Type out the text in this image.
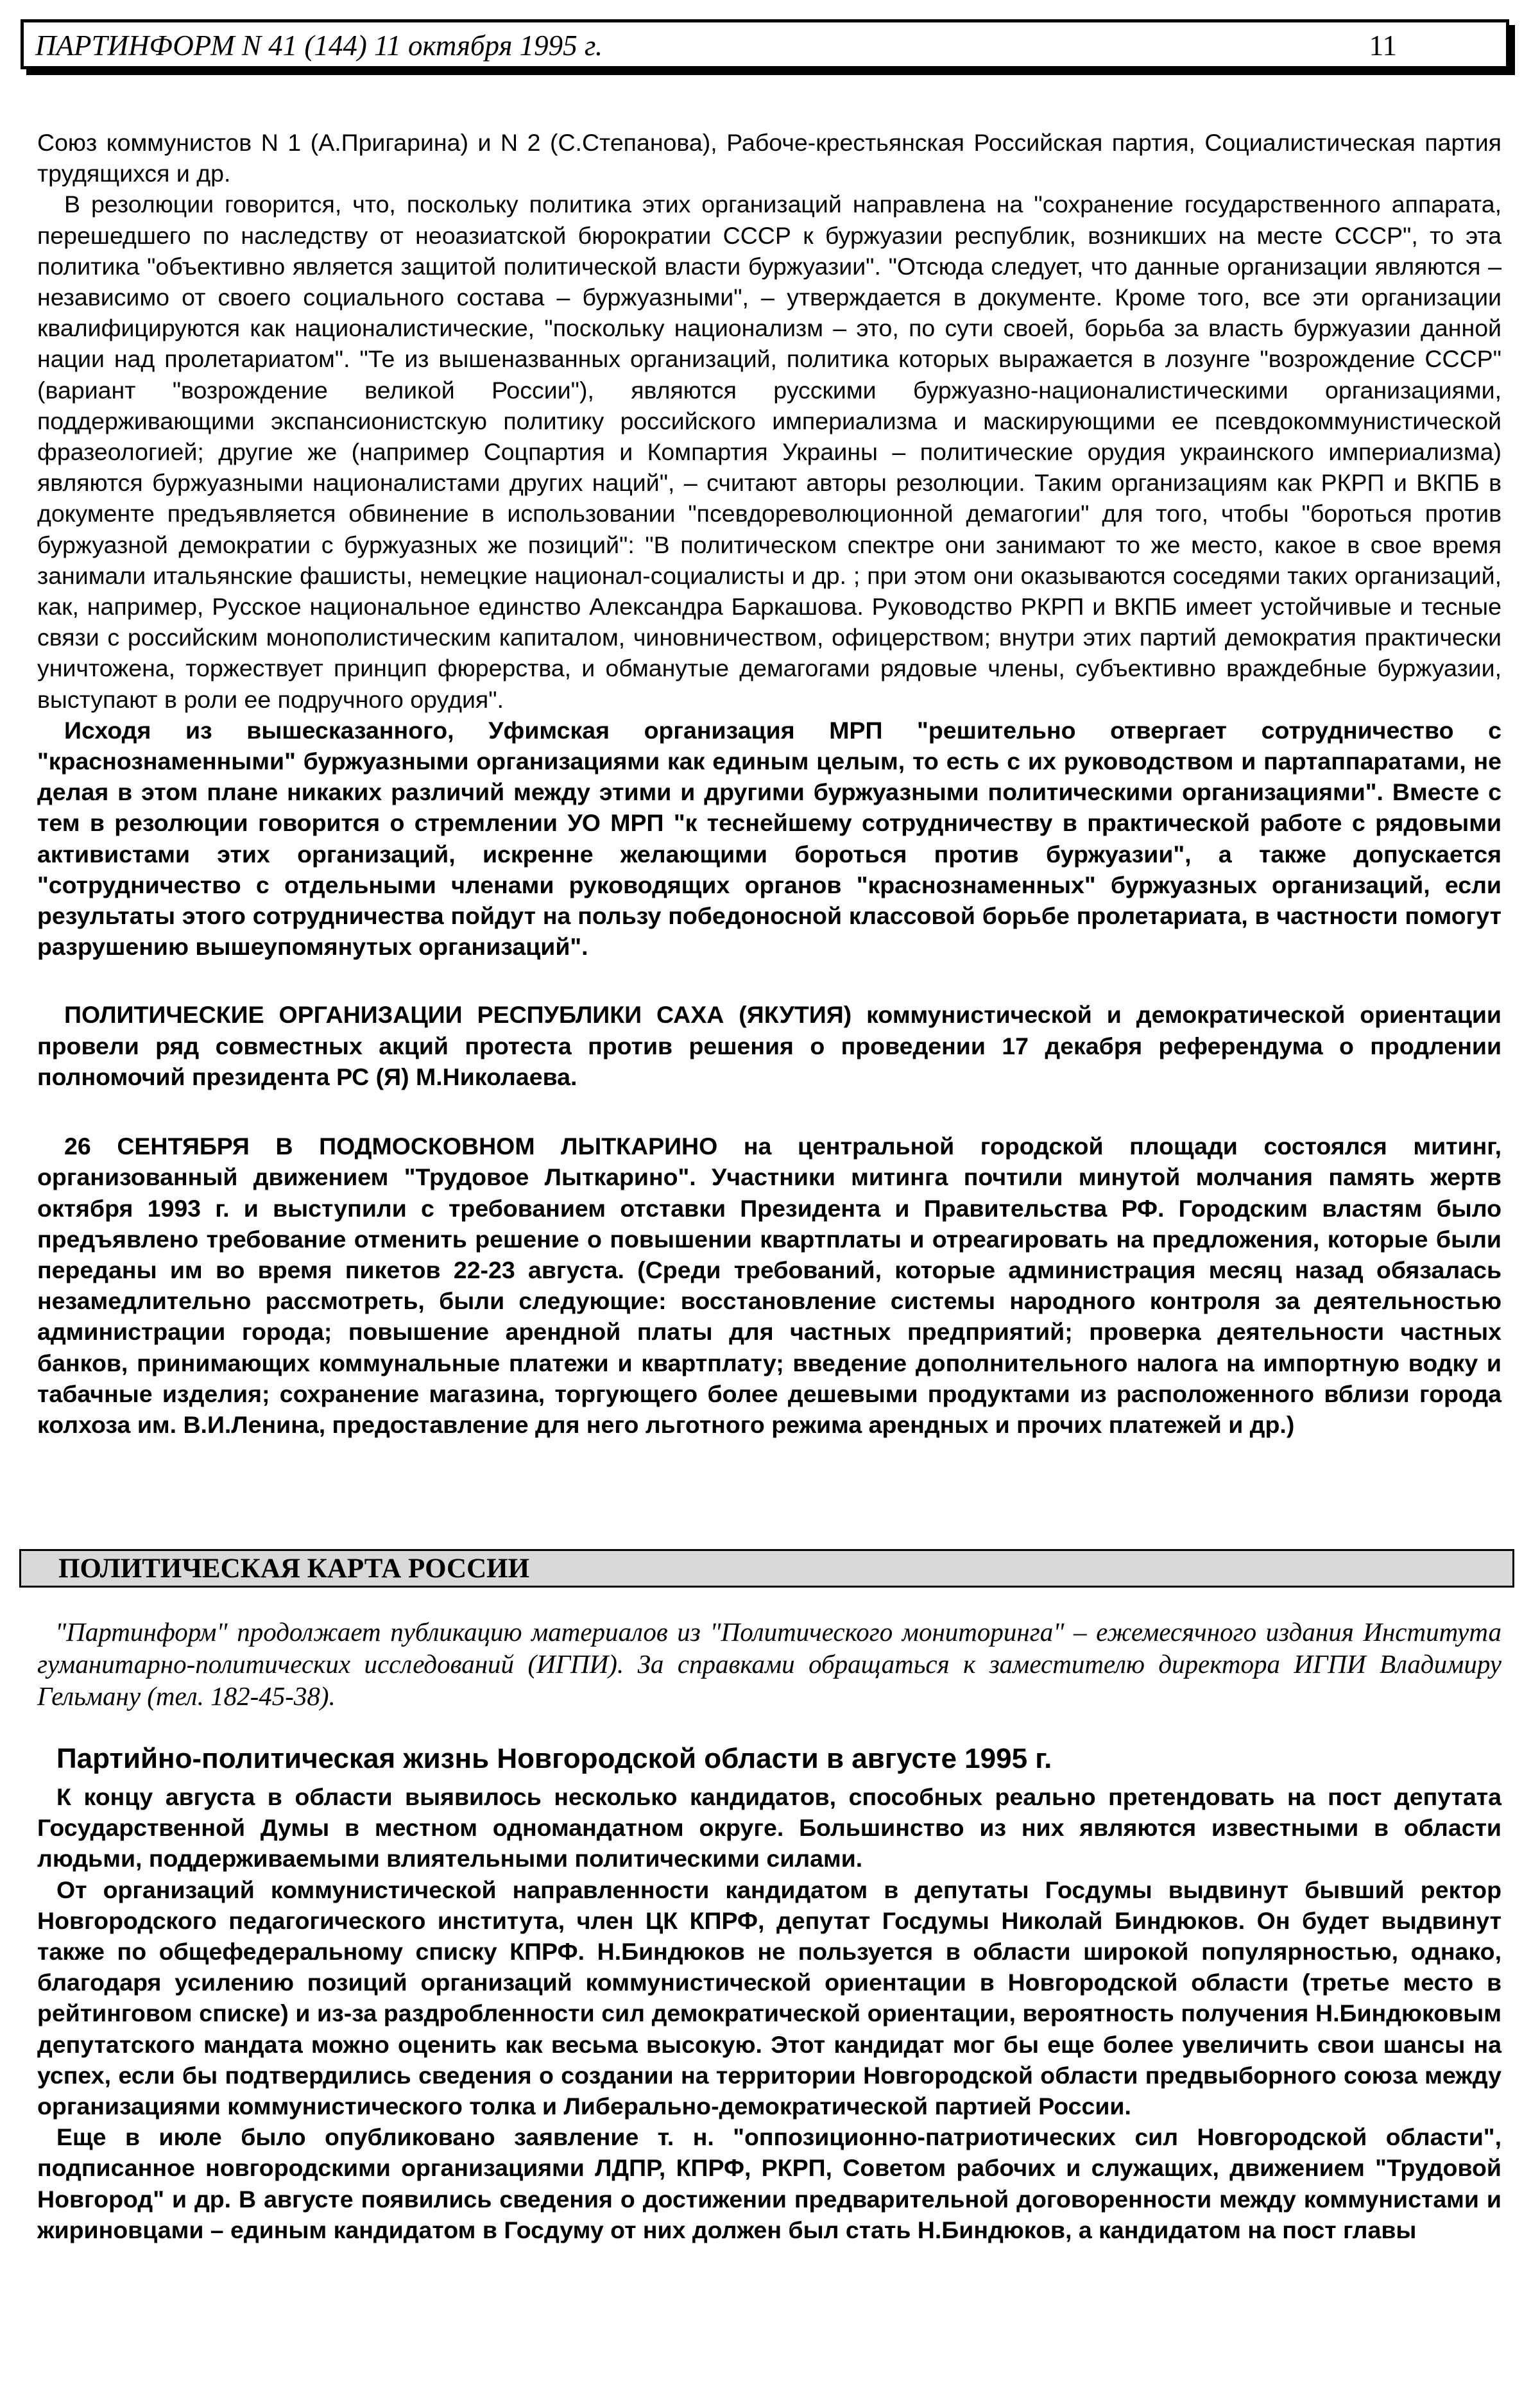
ПАРТИНФОРМ N 41 (144) 11 октября 1995 г.	11

Союз коммунистов N 1 (А.Пригарина) и N 2 (С.Степанова), Рабоче-крестьянская Российская партия, Социалистическая партия трудящихся и др.

В резолюции говорится, что, поскольку политика этих организаций направлена на "сохранение государственного аппарата, перешедшего по наследству от неоазиатской бюрократии СССР к буржуазии республик, возникших на месте СССР", то эта политика "объективно является защитой политической власти буржуазии". "Отсюда следует, что данные организации являются – независимо от своего социального состава – буржуазными", – утверждается в документе. Кроме того, все эти организации квалифицируются как националистические, "поскольку национализм – это, по сути своей, борьба за власть буржуазии данной нации над пролетариатом". "Те из вышеназванных организаций, политика которых выражается в лозунге "возрождение СССР" (вариант "возрождение великой России"), являются русскими буржуазно-националистическими организациями, поддерживающими экспансионистскую политику российского империализма и маскирующими ее псевдокоммунистической фразеологией; другие же (например Соцпартия и Компартия Украины – политические орудия украинского империализма) являются буржуазными националистами других наций", – считают авторы резолюции. Таким организациям как РКРП и ВКПБ в документе предъявляется обвинение в использовании "псевдореволюционной демагогии" для того, чтобы "бороться против буржуазной демократии с буржуазных же позиций": "В политическом спектре они занимают то же место, какое в свое время занимали итальянские фашисты, немецкие национал-социалисты и др. ; при этом они оказываются соседями таких организаций, как, например, Русское национальное единство Александра Баркашова. Руководство РКРП и ВКПБ имеет устойчивые и тесные связи с российским монополистическим капиталом, чиновничеством, офицерством; внутри этих партий демократия практически уничтожена, торжествует принцип фюрерства, и обманутые демагогами рядовые члены, субъективно враждебные буржуазии, выступают в роли ее подручного орудия".

Исходя из вышесказанного, Уфимская организация МРП "решительно отвергает сотрудничество с "краснознаменными" буржуазными организациями как единым целым, то есть с их руководством и партаппаратами, не делая в этом плане никаких различий между этими и другими буржуазными политическими организациями". Вместе с тем в резолюции говорится о стремлении УО МРП "к теснейшему сотрудничеству в практической работе с рядовыми активистами этих организаций, искренне желающими бороться против буржуазии", а также допускается "сотрудничество с отдельными членами руководящих органов "краснознаменных" буржуазных организаций, если результаты этого сотрудничества пойдут на пользу победоносной классовой борьбе пролетариата, в частности помогут разрушению вышеупомянутых организаций".

ПОЛИТИЧЕСКИЕ ОРГАНИЗАЦИИ РЕСПУБЛИКИ САХА (ЯКУТИЯ) коммунистической и демократической ориентации провели ряд совместных акций протеста против решения о проведении 17 декабря референдума о продлении полномочий президента РС (Я) М.Николаева.

26 СЕНТЯБРЯ В ПОДМОСКОВНОМ ЛЫТКАРИНО на центральной городской площади состоялся митинг, организованный движением "Трудовое Лыткарино". Участники митинга почтили минутой молчания память жертв октября 1993 г. и выступили с требованием отставки Президента и Правительства РФ. Городским властям было предъявлено требование отменить решение о повышении квартплаты и отреагировать на предложения, которые были переданы им во время пикетов 22-23 августа. (Среди требований, которые администрация месяц назад обязалась незамедлительно рассмотреть, были следующие: восстановление системы народного контроля за деятельностью администрации города; повышение арендной платы для частных предприятий; проверка деятельности частных банков, принимающих коммунальные платежи и квартплату; введение дополнительного налога на импортную водку и табачные изделия; сохранение магазина, торгующего более дешевыми продуктами из расположенного вблизи города колхоза им. В.И.Ленина, предоставление для него льготного режима арендных и прочих платежей и др.)

ПОЛИТИЧЕСКАЯ КАРТА РОССИИ
"Партинформ" продолжает публикацию материалов из "Политического мониторинга" – ежемесячного издания Института гуманитарно-политических исследований (ИГПИ). За справками обращаться к заместителю директора ИГПИ Владимиру Гельману (тел. 182-45-38).
Партийно-политическая жизнь Новгородской области в августе 1995 г.

К концу августа в области выявилось несколько кандидатов, способных реально претендовать на пост депутата Государственной Думы в местном одномандатном округе. Большинство из них являются известными в области людьми, поддерживаемыми влиятельными политическими силами.

От организаций коммунистической направленности кандидатом в депутаты Госдумы выдвинут бывший ректор Новгородского педагогического института, член ЦК КПРФ, депутат Госдумы Николай Биндюков. Он будет выдвинут также по общефедеральному списку КПРФ. Н.Биндюков не пользуется в области широкой популярностью, однако, благодаря усилению позиций организаций коммунистической ориентации в Новгородской области (третье место в рейтинговом списке) и из-за раздробленности сил демократической ориентации, вероятность получения Н.Биндюковым депутатского мандата можно оценить как весьма высокую. Этот кандидат мог бы еще более увеличить свои шансы на успех, если бы подтвердились сведения о создании на территории Новгородской области предвыборного союза между организациями коммунистического толка и Либерально-демократической партией России.

Еще в июле было опубликовано заявление т. н. "оппозиционно-патриотических сил Новгородской области", подписанное новгородскими организациями ЛДПР, КПРФ, РКРП, Советом рабочих и служащих, движением "Трудовой Новгород" и др. В августе появились сведения о достижении предварительной договоренности между коммунистами и жириновцами – единым кандидатом в Госдуму от них должен был стать Н.Биндюков, а кандидатом на пост главы
